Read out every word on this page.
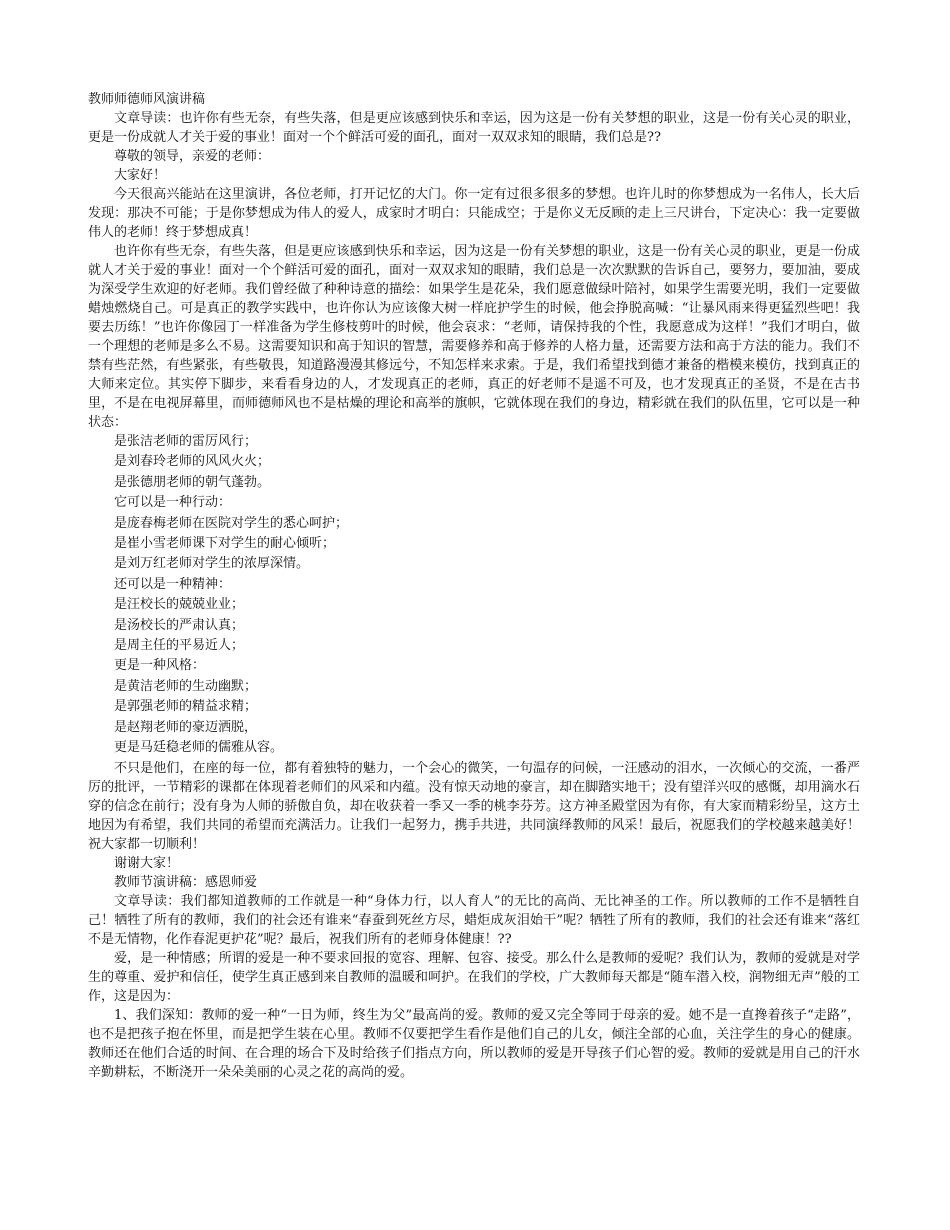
教师师德师风演讲稿

文章导读：也许你有些无奈，有些失落，但是更应该感到快乐和幸运，因为这是一份有关梦想的职业，这是一份有关心灵的职业，更是一份成就人才关于爱的事业！面对一个个鲜活可爱的面孔，面对一双双求知的眼睛，我们总是??

尊敬的领导，亲爱的老师：

大家好！

今天很高兴能站在这里演讲，各位老师，打开记忆的大门。你一定有过很多很多的梦想。也许儿时的你梦想成为一名伟人，长大后发现：那决不可能；于是你梦想成为伟人的爱人，成家时才明白：只能成空；于是你义无反顾的走上三尺讲台，下定决心：我一定要做伟人的老师！终于梦想成真！

也许你有些无奈，有些失落，但是更应该感到快乐和幸运，因为这是一份有关梦想的职业，这是一份有关心灵的职业，更是一份成就人才关于爱的事业！面对一个个鲜活可爱的面孔，面对一双双求知的眼睛，我们总是一次次默默的告诉自己，要努力，要加油，要成为深受学生欢迎的好老师。我们曾经做了种种诗意的描绘：如果学生是花朵，我们愿意做绿叶陪衬，如果学生需要光明，我们一定要做蜡烛燃烧自己。可是真正的教学实践中，也许你认为应该像大树一样庇护学生的时候，他会挣脱高喊：“让暴风雨来得更猛烈些吧！我要去历练！”也许你像园丁一样准备为学生修枝剪叶的时候，他会哀求：“老师，请保持我的个性，我愿意成为这样！”我们才明白，做一个理想的老师是多么不易。这需要知识和高于知识的智慧，需要修养和高于修养的人格力量，还需要方法和高于方法的能力。我们不禁有些茫然，有些紧张，有些敬畏，知道路漫漫其修远兮，不知怎样来求索。于是，我们希望找到德才兼备的楷模来模仿，找到真正的大师来定位。其实停下脚步，来看看身边的人，才发现真正的老师，真正的好老师不是遥不可及，也才发现真正的圣贤，不是在古书里，不是在电视屏幕里，而师德师风也不是枯燥的理论和高举的旗帜，它就体现在我们的身边，精彩就在我们的队伍里，它可以是一种状态：

是张洁老师的雷厉风行；

是刘春玲老师的风风火火；

是张德朋老师的朝气蓬勃。

它可以是一种行动：

是庞春梅老师在医院对学生的悉心呵护；

是崔小雪老师课下对学生的耐心倾听；

是刘万红老师对学生的浓厚深情。

还可以是一种精神：

是汪校长的兢兢业业；

是汤校长的严肃认真；

是周主任的平易近人；

更是一种风格：

是黄洁老师的生动幽默；

是郭强老师的精益求精；

是赵翔老师的豪迈洒脱，

更是马廷稳老师的儒雅从容。

不只是他们，在座的每一位，都有着独特的魅力，一个会心的微笑，一句温存的问候，一汪感动的泪水，一次倾心的交流，一番严厉的批评，一节精彩的课都在体现着老师们的风采和内蕴。没有惊天动地的豪言，却在脚踏实地干；没有望洋兴叹的感慨，却用滴水石穿的信念在前行；没有身为人师的骄傲自负，却在收获着一季又一季的桃李芬芳。这方神圣殿堂因为有你，有大家而精彩纷呈，这方土地因为有希望，我们共同的希望而充满活力。让我们一起努力，携手共进，共同演绎教师的风采！最后，祝愿我们的学校越来越美好！祝大家都一切顺利！

谢谢大家！

教师节演讲稿：感恩师爱

文章导读：我们都知道教师的工作就是一种“身体力行，以人育人”的无比的高尚、无比神圣的工作。所以教师的工作不是牺牲自己！牺牲了所有的教师，我们的社会还有谁来“春蚕到死丝方尽，蜡炬成灰泪始干”呢？牺牲了所有的教师，我们的社会还有谁来“落红不是无情物，化作春泥更护花”呢？最后，祝我们所有的老师身体健康！??

爱，是一种情感；所谓的爱是一种不要求回报的宽容、理解、包容、接受。那么什么是教师的爱呢？我们认为，教师的爱就是对学生的尊重、爱护和信任，使学生真正感到来自教师的温暖和呵护。在我们的学校，广大教师每天都是“随车潜入校，润物细无声”般的工作，这是因为：

1、我们深知：教师的爱一种“一日为师，终生为父”最高尚的爱。教师的爱又完全等同于母亲的爱。她不是一直搀着孩子“走路”，也不是把孩子抱在怀里，而是把学生装在心里。教师不仅要把学生看作是他们自己的儿女，倾注全部的心血，关注学生的身心的健康。教师还在他们合适的时间、在合理的场合下及时给孩子们指点方向，所以教师的爱是开导孩子们心智的爱。教师的爱就是用自己的汗水辛勤耕耘，不断浇开一朵朵美丽的心灵之花的高尚的爱。
